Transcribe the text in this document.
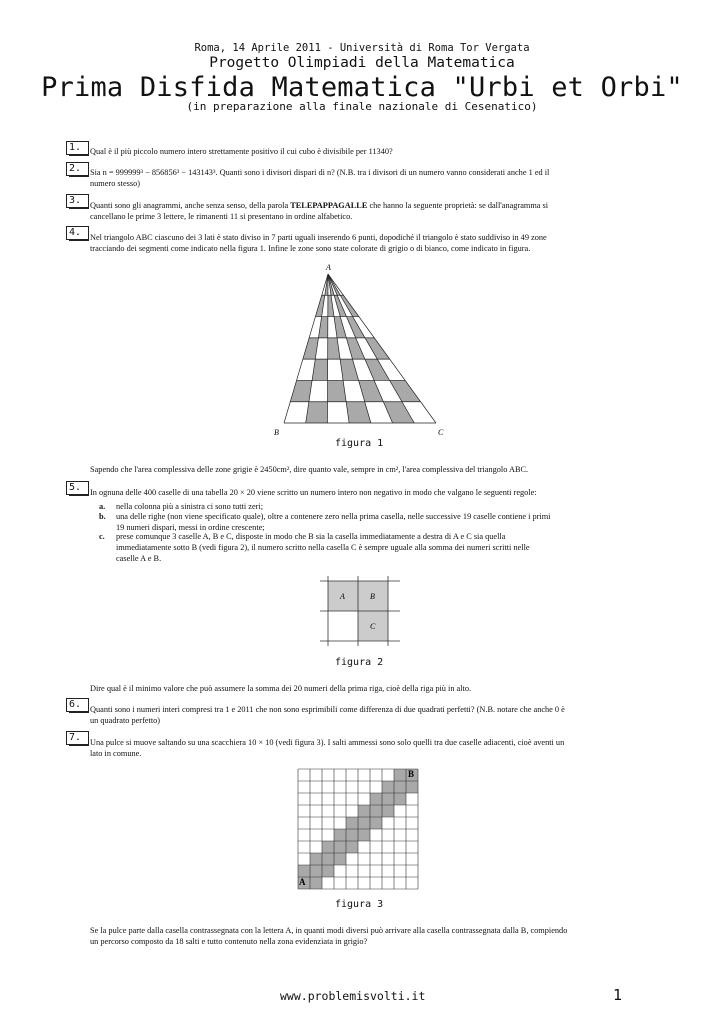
Roma, 14 Aprile 2011 - Università di Roma Tor Vergata
Progetto Olimpiadi della Matematica
Prima Disfida Matematica "Urbi et Orbi"
(in preparazione alla finale nazionale di Cesenatico)
1.	Qual è il più piccolo numero intero strettamente positivo il cui cubo è divisibile per 11340?
2.	Sia n = 999999³ − 856856³ − 143143³. Quanti sono i divisori dispari di n? (N.B. tra i divisori di un numero vanno considerati anche 1 ed il
numero stesso)
3.	Quanti sono gli anagrammi, anche senza senso, della parola TELEPAPPAGALLE che hanno la seguente proprietà: se dall'anagramma si
cancellano le prime 3 lettere, le rimanenti 11 si presentano in ordine alfabetico.
4.	Nel triangolo ABC ciascuno dei 3 lati è stato diviso in 7 parti uguali inserendo 6 punti, dopodiché il triangolo è stato suddiviso in 49 zone
tracciando dei segmenti come indicato nella figura 1. Infine le zone sono state colorate di grigio o di bianco, come indicato in figura.
A
B	C
figura 1
Sapendo che l'area complessiva delle zone grigie è 2450cm², dire quanto vale, sempre in cm², l'area complessiva del triangolo ABC.
5.	In ognuna delle 400 caselle di una tabella 20 × 20 viene scritto un numero intero non negativo in modo che valgano le seguenti regole:
a. nella colonna più a sinistra ci sono tutti zeri;
b. una delle righe (non viene specificato quale), oltre a contenere zero nella prima casella, nelle successive 19 caselle contiene i primi
19 numeri dispari, messi in ordine crescente;
c. prese comunque 3 caselle A, B e C, disposte in modo che B sia la casella immediatamente a destra di A e C sia quella
immediatamente sotto B (vedi figura 2), il numero scritto nella casella C è sempre uguale alla somma dei numeri scritti nelle
caselle A e B.
A	B
C
figura 2
Dire qual è il minimo valore che può assumere la somma dei 20 numeri della prima riga, cioè della riga più in alto.
6.	Quanti sono i numeri interi compresi tra 1 e 2011 che non sono esprimibili come differenza di due quadrati perfetti? (N.B. notare che anche 0 è
un quadrato perfetto)
7.	Una pulce si muove saltando su una scacchiera 10 × 10 (vedi figura 3). I salti ammessi sono solo quelli tra due caselle adiacenti, cioè aventi un
lato in comune.
A
B
figura 3
Se la pulce parte dalla casella contrassegnata con la lettera A, in quanti modi diversi può arrivare alla casella contrassegnata dalla B, compiendo
un percorso composto da 18 salti e tutto contenuto nella zona evidenziata in grigio?
www.problemisvolti.it	1
